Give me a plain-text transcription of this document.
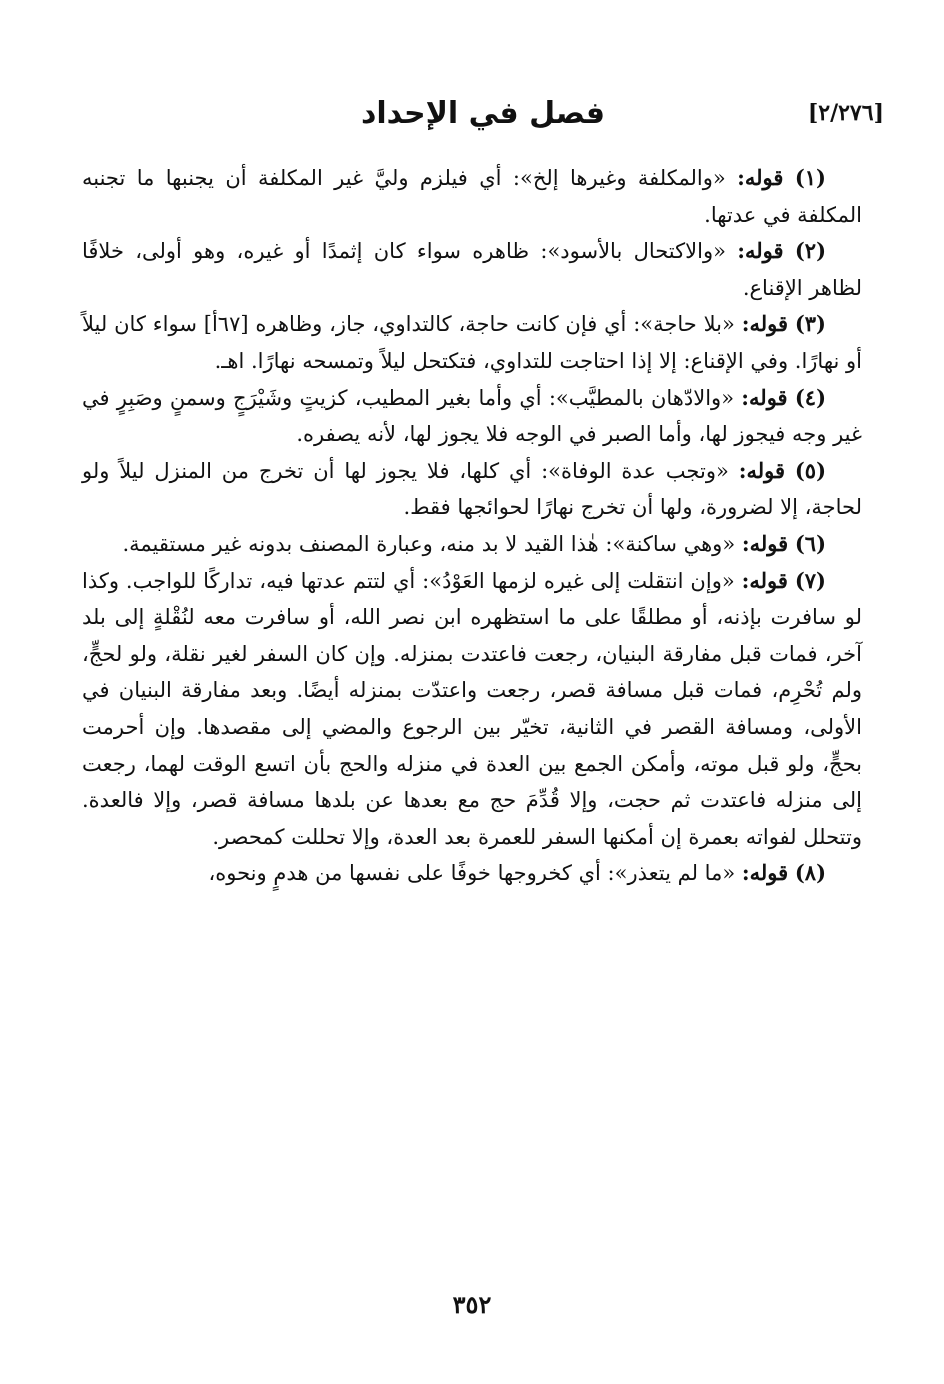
[٢/٢٧٦]
فصل في الإحداد

(١) قوله: «والمكلفة وغيرها إلخ»: أي فيلزم وليَّ غير المكلفة أن يجنبها ما تجنبه المكلفة في عدتها.

(٢) قوله: «والاكتحال بالأسود»: ظاهره سواء كان إثمدًا أو غيره، وهو أولى، خلافًا لظاهر الإقناع.

(٣) قوله: «بلا حاجة»: أي فإن كانت حاجة، كالتداوي، جاز، وظاهره [٦٧أ] سواء كان ليلاً أو نهارًا. وفي الإقناع: إلا إذا احتاجت للتداوي، فتكتحل ليلاً وتمسحه نهارًا. اهـ.

(٤) قوله: «والادّهان بالمطيَّب»: أي وأما بغير المطيب، كزيتٍ وشَيْرَجٍ وسمنٍ وصَبِرٍ في غير وجه فيجوز لها، وأما الصبر في الوجه فلا يجوز لها، لأنه يصفره.

(٥) قوله: «وتجب عدة الوفاة»: أي كلها، فلا يجوز لها أن تخرج من المنزل ليلاً ولو لحاجة، إلا لضرورة، ولها أن تخرج نهارًا لحوائجها فقط.

(٦) قوله: «وهي ساكنة»: هٰذا القيد لا بد منه، وعبارة المصنف بدونه غير مستقيمة.

(٧) قوله: «وإن انتقلت إلى غيره لزمها العَوْدُ»: أي لتتم عدتها فيه، تداركًا للواجب. وكذا لو سافرت بإذنه، أو مطلقًا على ما استظهره ابن نصر الله، أو سافرت معه لنُقْلةٍ إلى بلد آخر، فمات قبل مفارقة البنيان، رجعت فاعتدت بمنزله. وإن كان السفر لغير نقلة، ولو لحجٍّ، ولم تُحْرِم، فمات قبل مسافة قصر، رجعت واعتدّت بمنزله أيضًا. وبعد مفارقة البنيان في الأولى، ومسافة القصر في الثانية، تخيّر بين الرجوع والمضي إلى مقصدها. وإن أحرمت بحجٍّ، ولو قبل موته، وأمكن الجمع بين العدة في منزله والحج بأن اتسع الوقت لهما، رجعت إلى منزله فاعتدت ثم حجت، وإلا قُدِّمَ حج مع بعدها عن بلدها مسافة قصر، وإلا فالعدة. وتتحلل لفواته بعمرة إن أمكنها السفر للعمرة بعد العدة، وإلا تحللت كمحصر.

(٨) قوله: «ما لم يتعذر»: أي كخروجها خوفًا على نفسها من هدمٍ ونحوه،

٣٥٢
